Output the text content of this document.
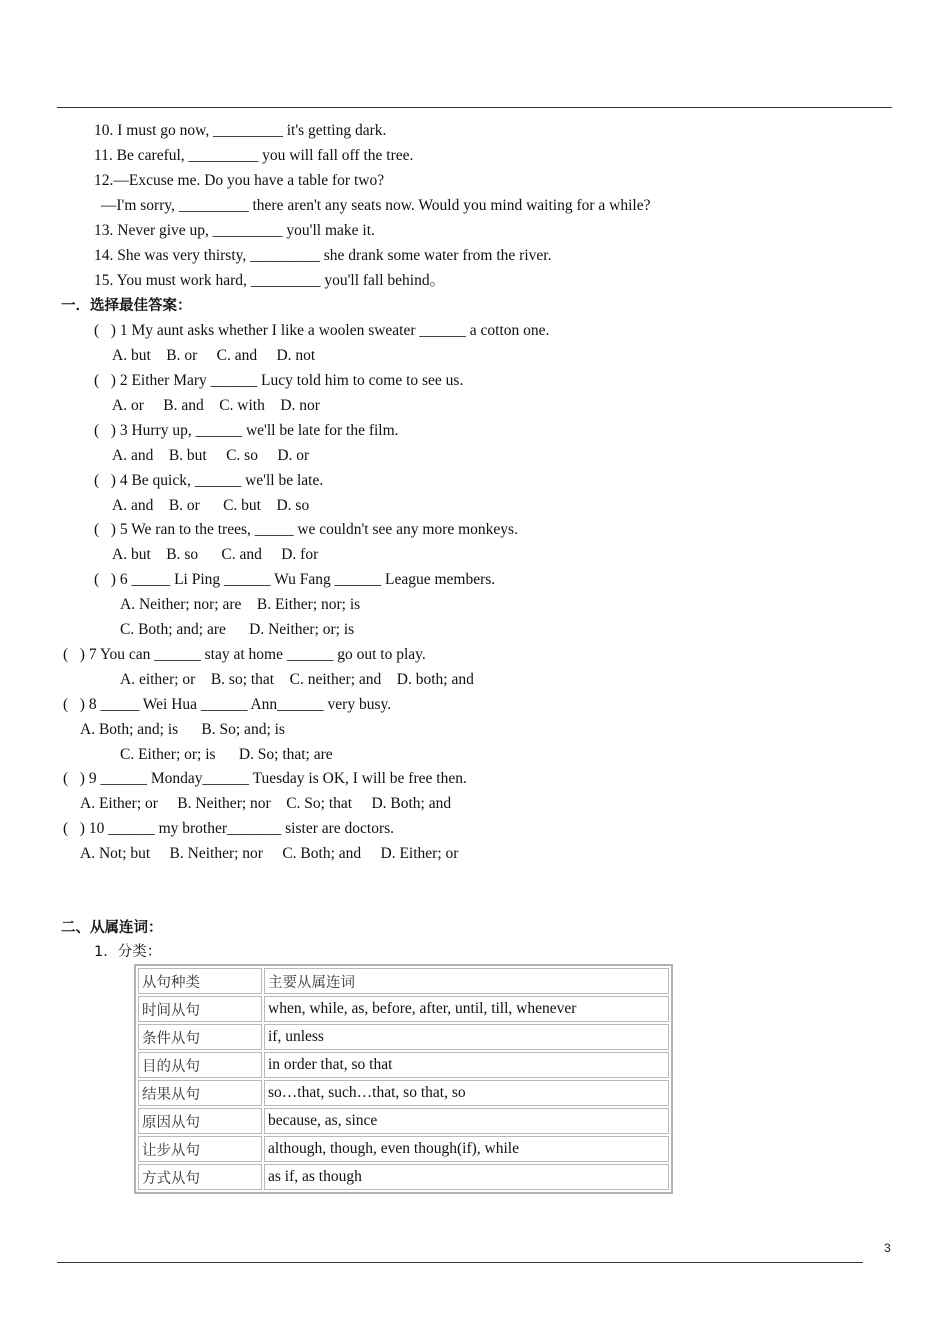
10. I must go now, _________ it's getting dark.
11. Be careful, _________ you will fall off the tree.
12.—Excuse me. Do you have a table for two?
—I'm sorry, _________ there aren't any seats now. Would you mind waiting for a while?
13. Never give up, _________ you'll make it.
14. She was very thirsty, _________ she drank some water from the river.
15. You must work hard, _________ you'll fall behind。
一．选择最佳答案：
(   ) 1 My aunt asks whether I like a woolen sweater ______ a cotton one.
A. but    B. or     C. and     D. not
(   ) 2 Either Mary ______ Lucy told him to come to see us.
A. or     B. and    C. with    D. nor
(   ) 3 Hurry up, ______ we'll be late for the film.
A. and    B. but     C. so     D. or
(   ) 4 Be quick, ______ we'll be late.
A. and    B. or      C. but    D. so
(   ) 5 We ran to the trees, _____ we couldn't see any more monkeys.
A. but    B. so      C. and     D. for
(   ) 6 _____ Li Ping ______ Wu Fang ______ League members.
A. Neither; nor; are    B. Either; nor; is
C. Both; and; are      D. Neither; or; is
(   ) 7 You can ______ stay at home ______ go out to play.
A. either; or    B. so; that    C. neither; and    D. both; and
(   ) 8 _____ Wei Hua ______ Ann______ very busy.
A. Both; and; is      B. So; and; is
C. Either; or; is      D. So; that; are
(   ) 9 ______ Monday______ Tuesday is OK, I will be free then.
A. Either; or     B. Neither; nor    C. So; that     D. Both; and
(   ) 10 ______ my brother_______ sister are doctors.
A. Not; but     B. Neither; nor     C. Both; and     D. Either; or
二、从属连词：
1．分类：
从句种类	主要从属连词
时间从句	when, while, as, before, after, until, till, whenever
条件从句	if, unless
目的从句	in order that, so that
结果从句	so…that, such…that, so that, so
原因从句	because, as, since
让步从句	although, though, even though(if), while
方式从句	as if, as though
3
